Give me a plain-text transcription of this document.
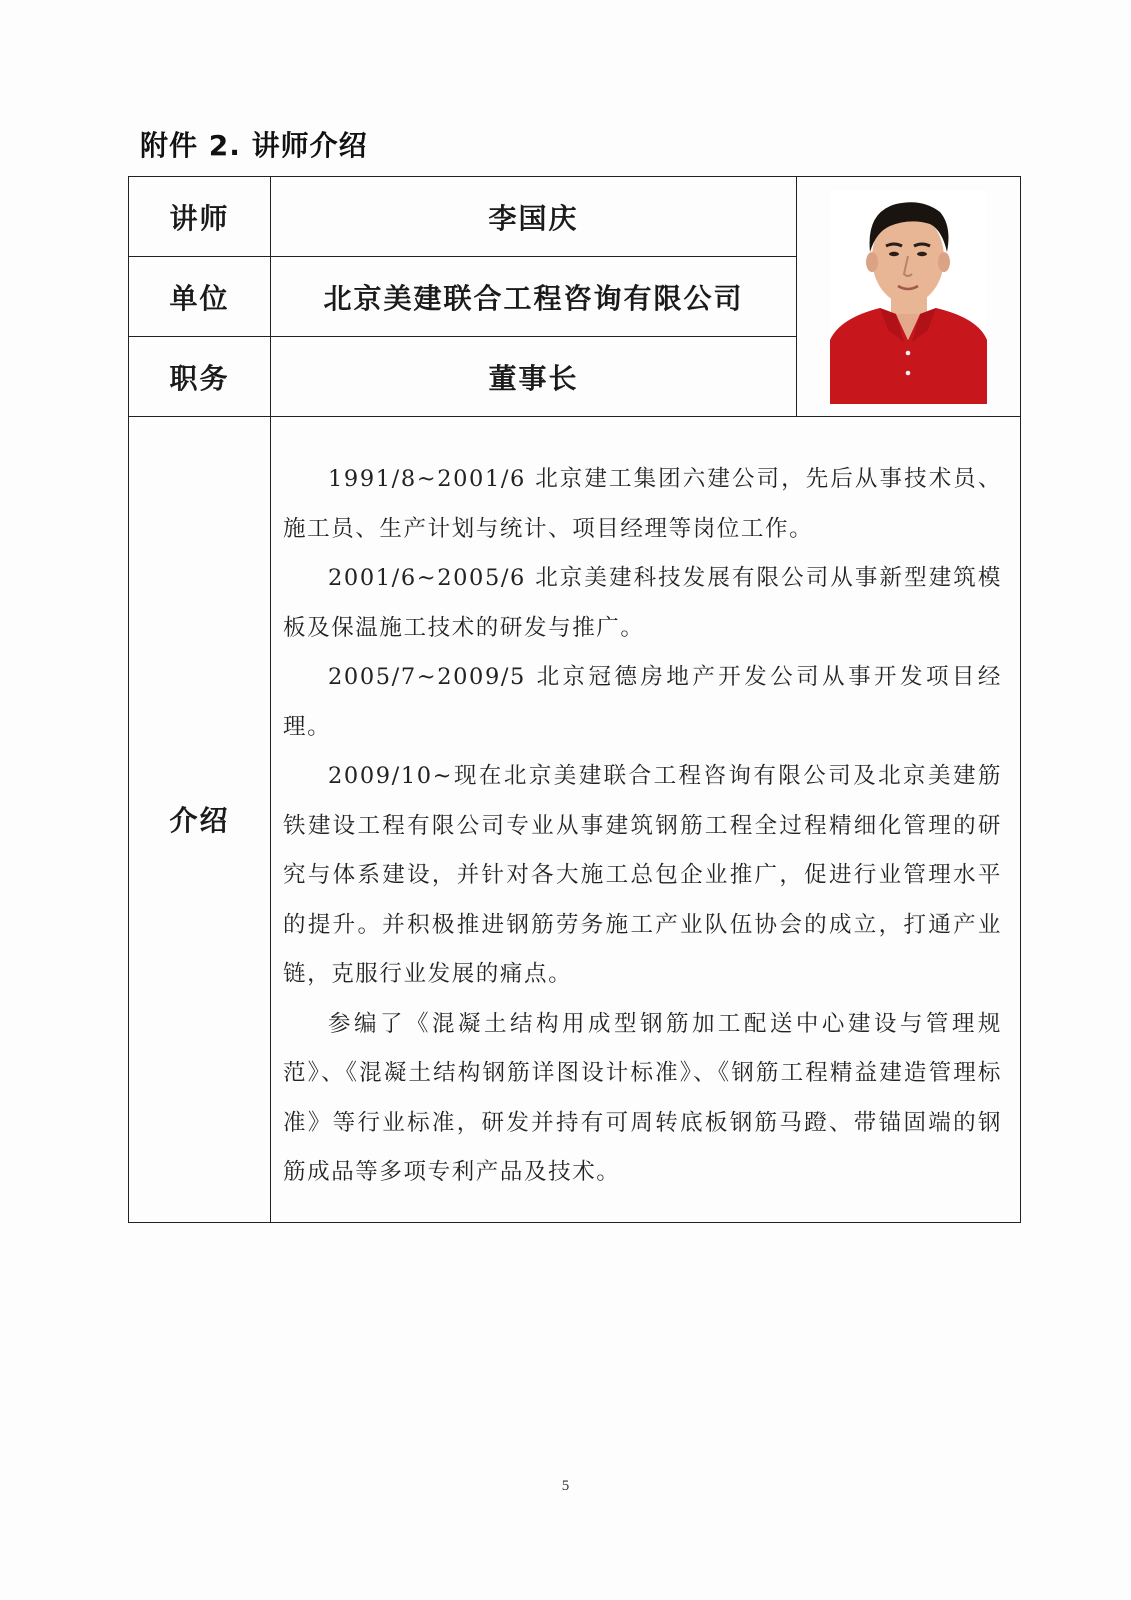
附件 2. 讲师介绍
讲师	李国庆	

单位	北京美建联合工程咨询有限公司	
职务	董事长	
介绍	1991/8~2001/6 北京建工集团六建公司，先后从事技术员、施工员、生产计划与统计、项目经理等岗位工作。

2001/6~2005/6 北京美建科技发展有限公司从事新型建筑模板及保温施工技术的研发与推广。

2005/7~2009/5 北京冠德房地产开发公司从事开发项目经理。

2009/10~现在北京美建联合工程咨询有限公司及北京美建筋铁建设工程有限公司专业从事建筑钢筋工程全过程精细化管理的研究与体系建设，并针对各大施工总包企业推广，促进行业管理水平的提升。并积极推进钢筋劳务施工产业队伍协会的成立，打通产业链，克服行业发展的痛点。

参编了《混凝土结构用成型钢筋加工配送中心建设与管理规范》、《混凝土结构钢筋详图设计标准》、《钢筋工程精益建造管理标准》等行业标准，研发并持有可周转底板钢筋马蹬、带锚固端的钢筋成品等多项专利产品及技术。	

5
